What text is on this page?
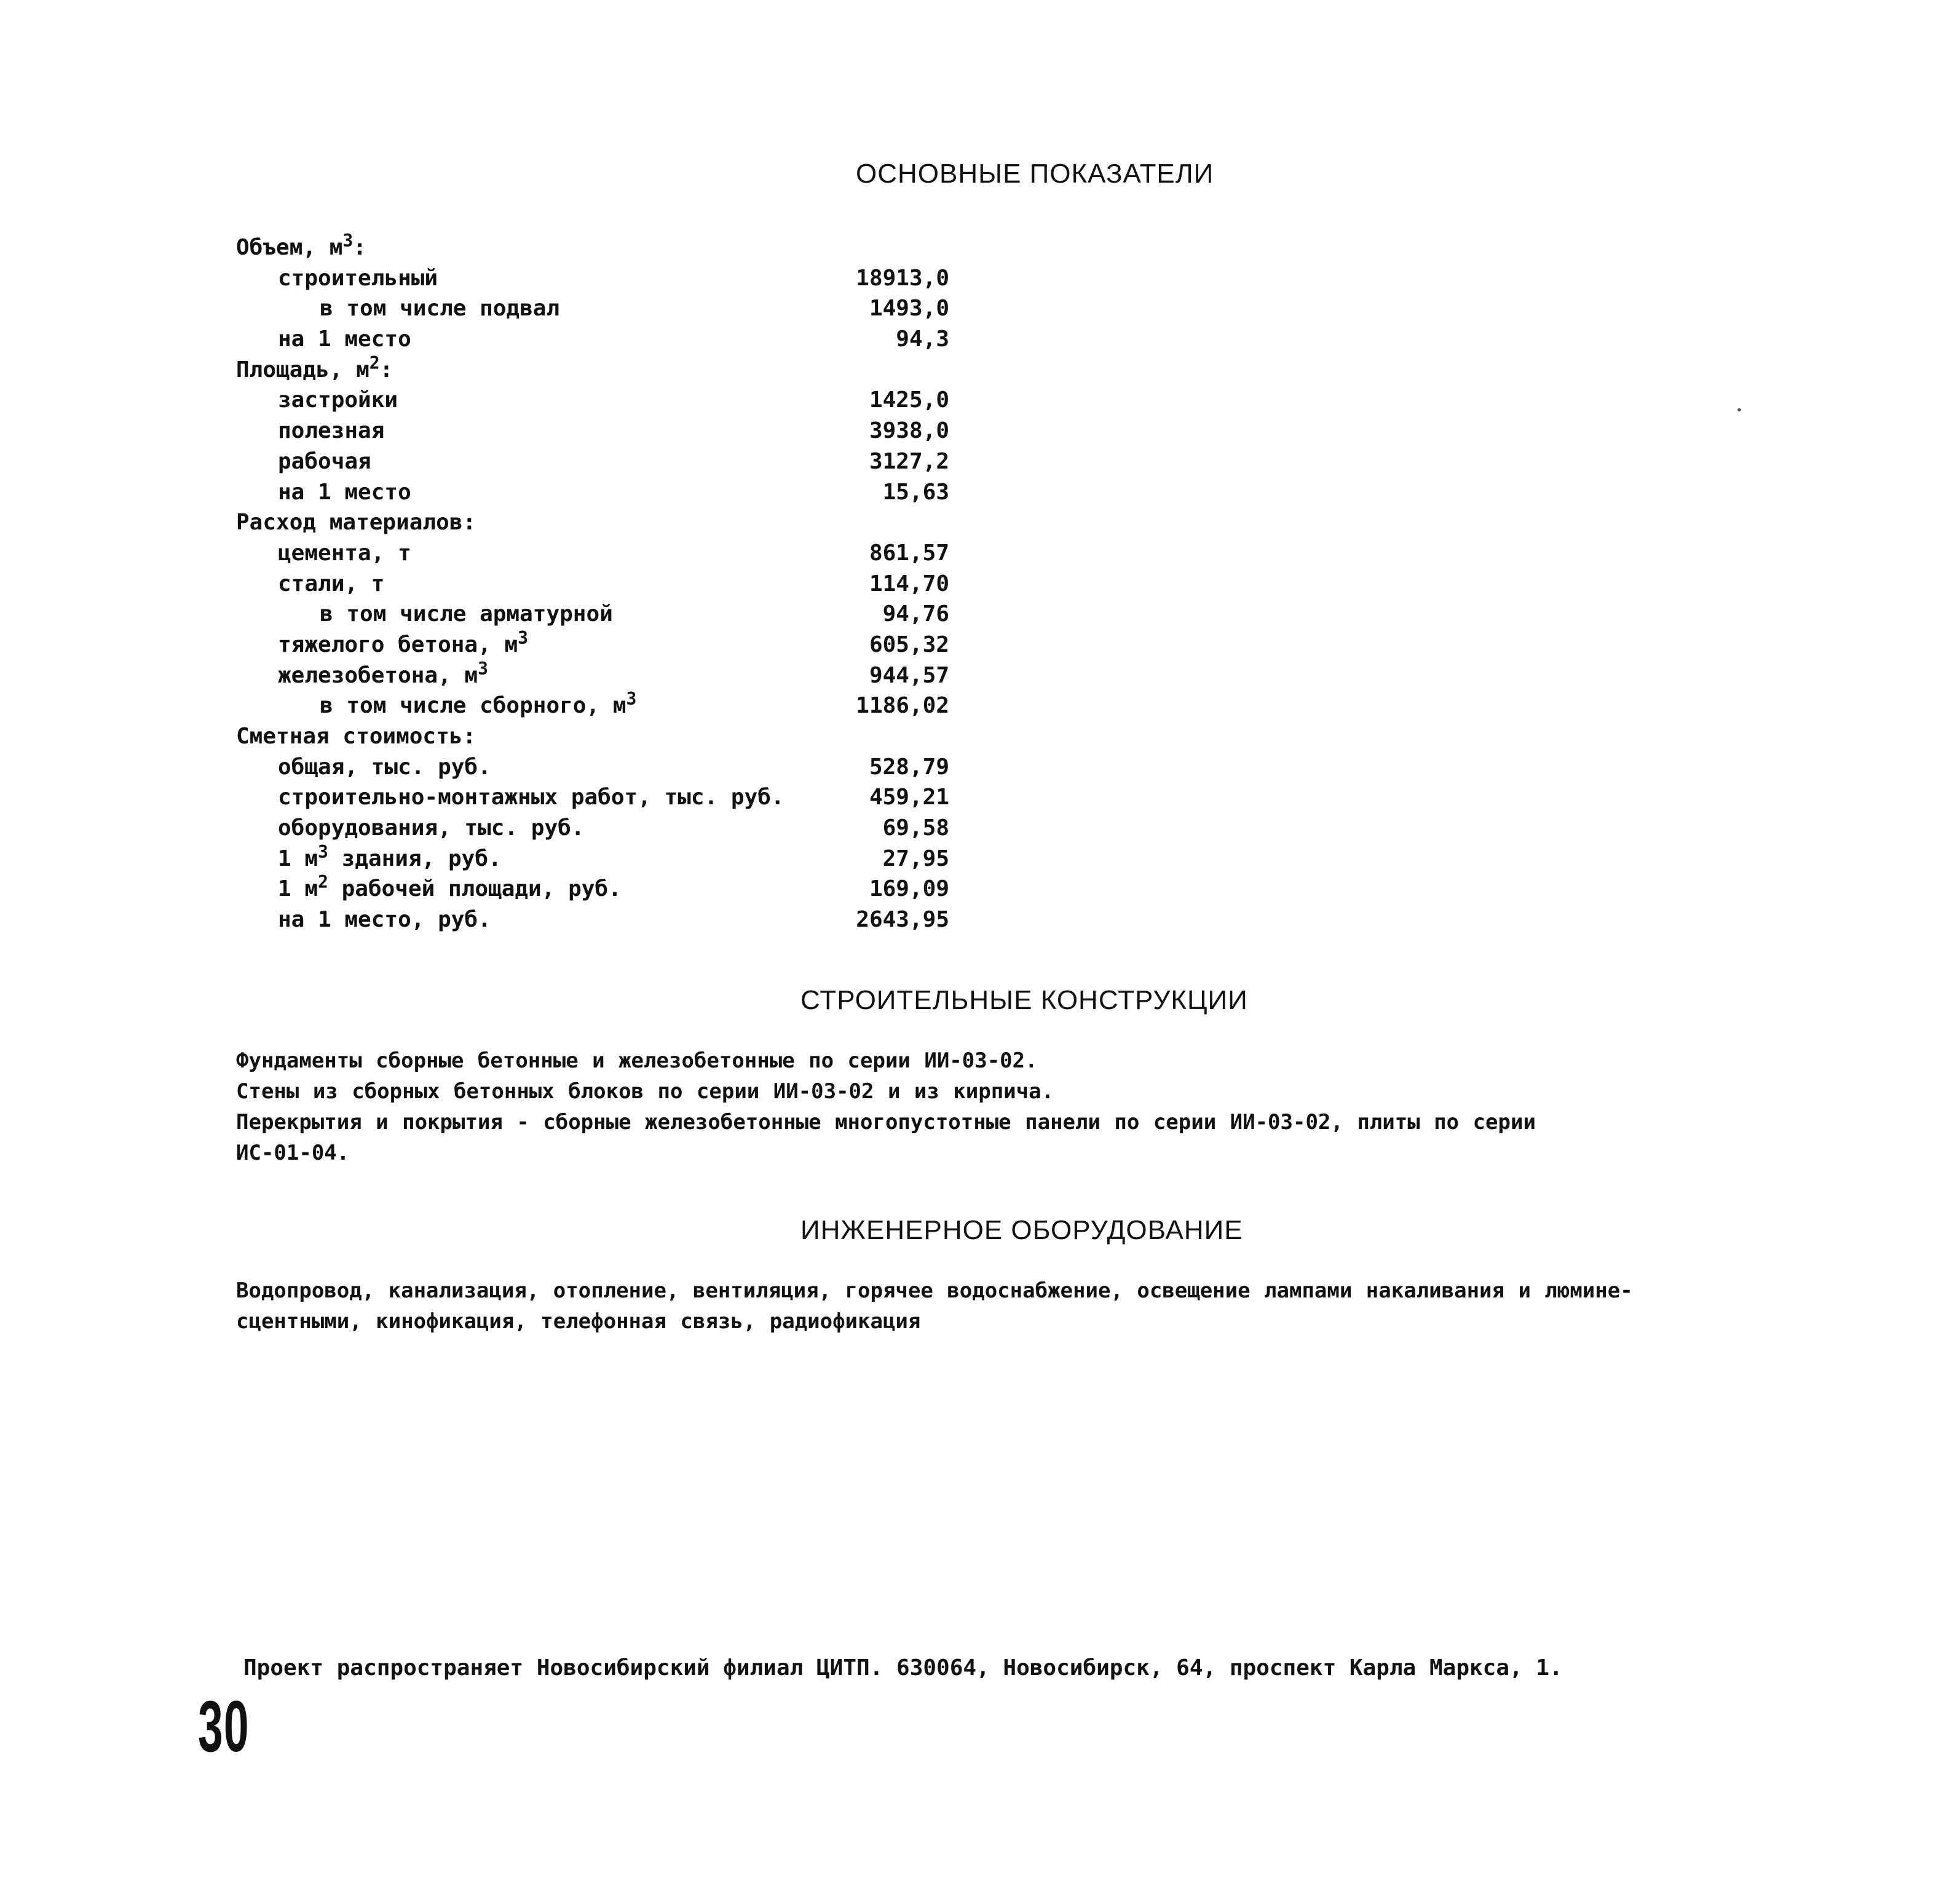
ОСНОВНЫЕ ПОКАЗАТЕЛИ
Объем, $м^3$:
строительный	18913,0
в том числе подвал	1493,0
на 1 место	94,3
Площадь, $м^2$:
застройки	1425,0
полезная	3938,0
рабочая	3127,2
на 1 место	15,63
Расход материалов:
цемента, т	861,57
стали, т	114,70
в том числе арматурной	94,76
тяжелого бетона, $м^3$	605,32
железобетона, $м^3$	944,57
в том числе сборного, $м^3$	1186,02
Сметная стоимость:
общая, тыс. руб.	528,79
строительно-монтажных работ, тыс. руб.	459,21
оборудования, тыс. руб.	69,58
1 $м^3$ здания, руб.	27,95
1 $м^2$ рабочей площади, руб.	169,09
на 1 место, руб.	2643,95
СТРОИТЕЛЬНЫЕ КОНСТРУКЦИИ
Фундаменты сборные бетонные и железобетонные по серии ИИ-03-02.
Стены из сборных бетонных блоков по серии ИИ-03-02 и из кирпича.
Перекрытия и покрытия - сборные железобетонные многопустотные панели по серии ИИ-03-02, плиты по серии
ИС-01-04.
ИНЖЕНЕРНОЕ ОБОРУДОВАНИЕ
Водопровод, канализация, отопление, вентиляция, горячее водоснабжение, освещение лампами накаливания и люмине-
сцентными, кинофикация, телефонная связь, радиофикация
Проект распространяет Новосибирский филиал ЦИТП. 630064, Новосибирск, 64, проспект Карла Маркса, 1.
30
